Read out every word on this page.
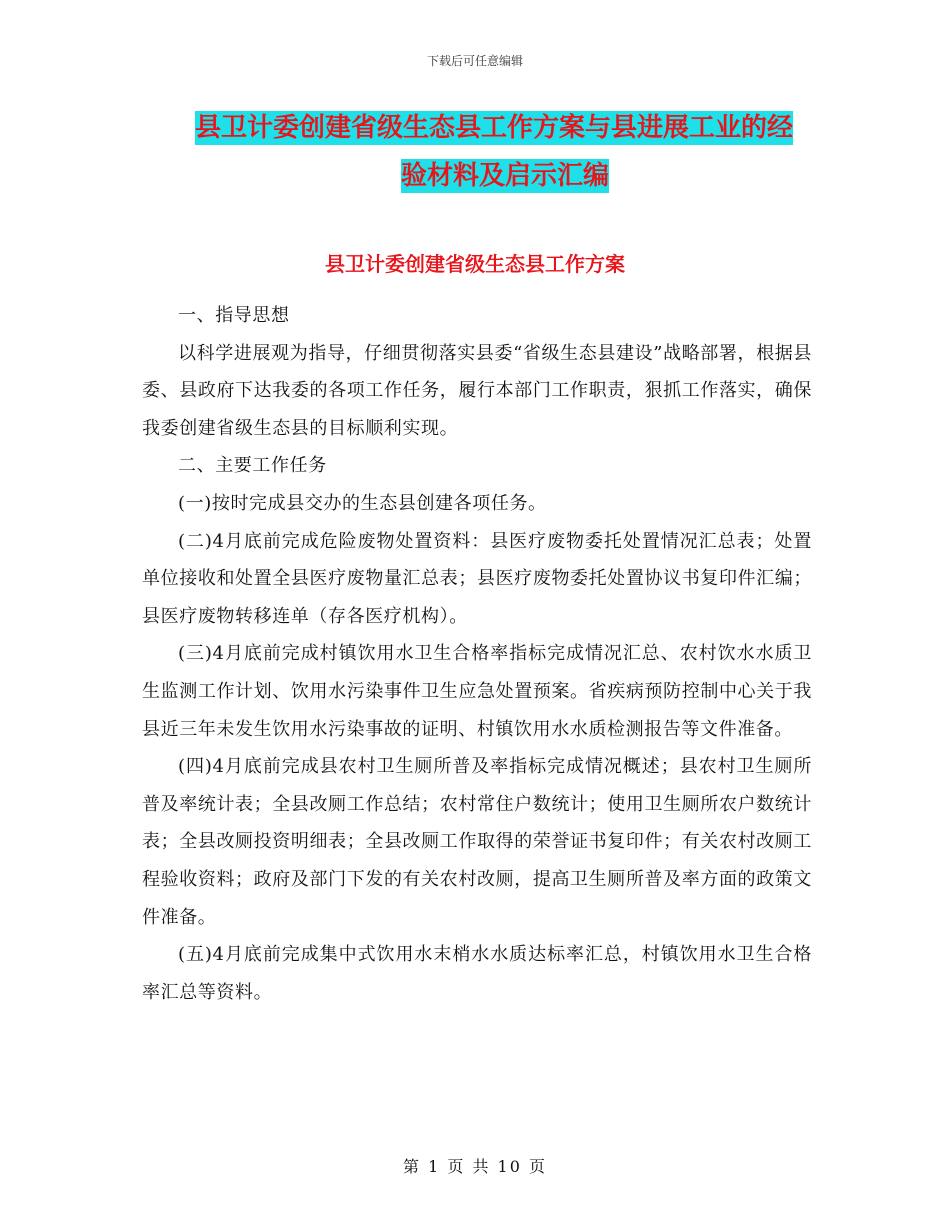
下载后可任意编辑
县卫计委创建省级生态县工作方案与县进展工业的经
验材料及启示汇编
县卫计委创建省级生态县工作方案

一、指导思想

以科学进展观为指导，仔细贯彻落实县委“省级生态县建设”战略部署，根据县委、县政府下达我委的各项工作任务，履行本部门工作职责，狠抓工作落实，确保我委创建省级生态县的目标顺利实现。

二、主要工作任务

(一)按时完成县交办的生态县创建各项任务。

(二)4月底前完成危险废物处置资料：县医疗废物委托处置情况汇总表；处置单位接收和处置全县医疗废物量汇总表；县医疗废物委托处置协议书复印件汇编；县医疗废物转移连单（存各医疗机构）。

(三)4月底前完成村镇饮用水卫生合格率指标完成情况汇总、农村饮水水质卫生监测工作计划、饮用水污染事件卫生应急处置预案。省疾病预防控制中心关于我县近三年未发生饮用水污染事故的证明、村镇饮用水水质检测报告等文件准备。

(四)4月底前完成县农村卫生厕所普及率指标完成情况概述；县农村卫生厕所普及率统计表；全县改厕工作总结；农村常住户数统计；使用卫生厕所农户数统计表；全县改厕投资明细表；全县改厕工作取得的荣誉证书复印件；有关农村改厕工程验收资料；政府及部门下发的有关农村改厕，提高卫生厕所普及率方面的政策文件准备。

(五)4月底前完成集中式饮用水末梢水水质达标率汇总，村镇饮用水卫生合格率汇总等资料。

第 1 页 共 10 页
